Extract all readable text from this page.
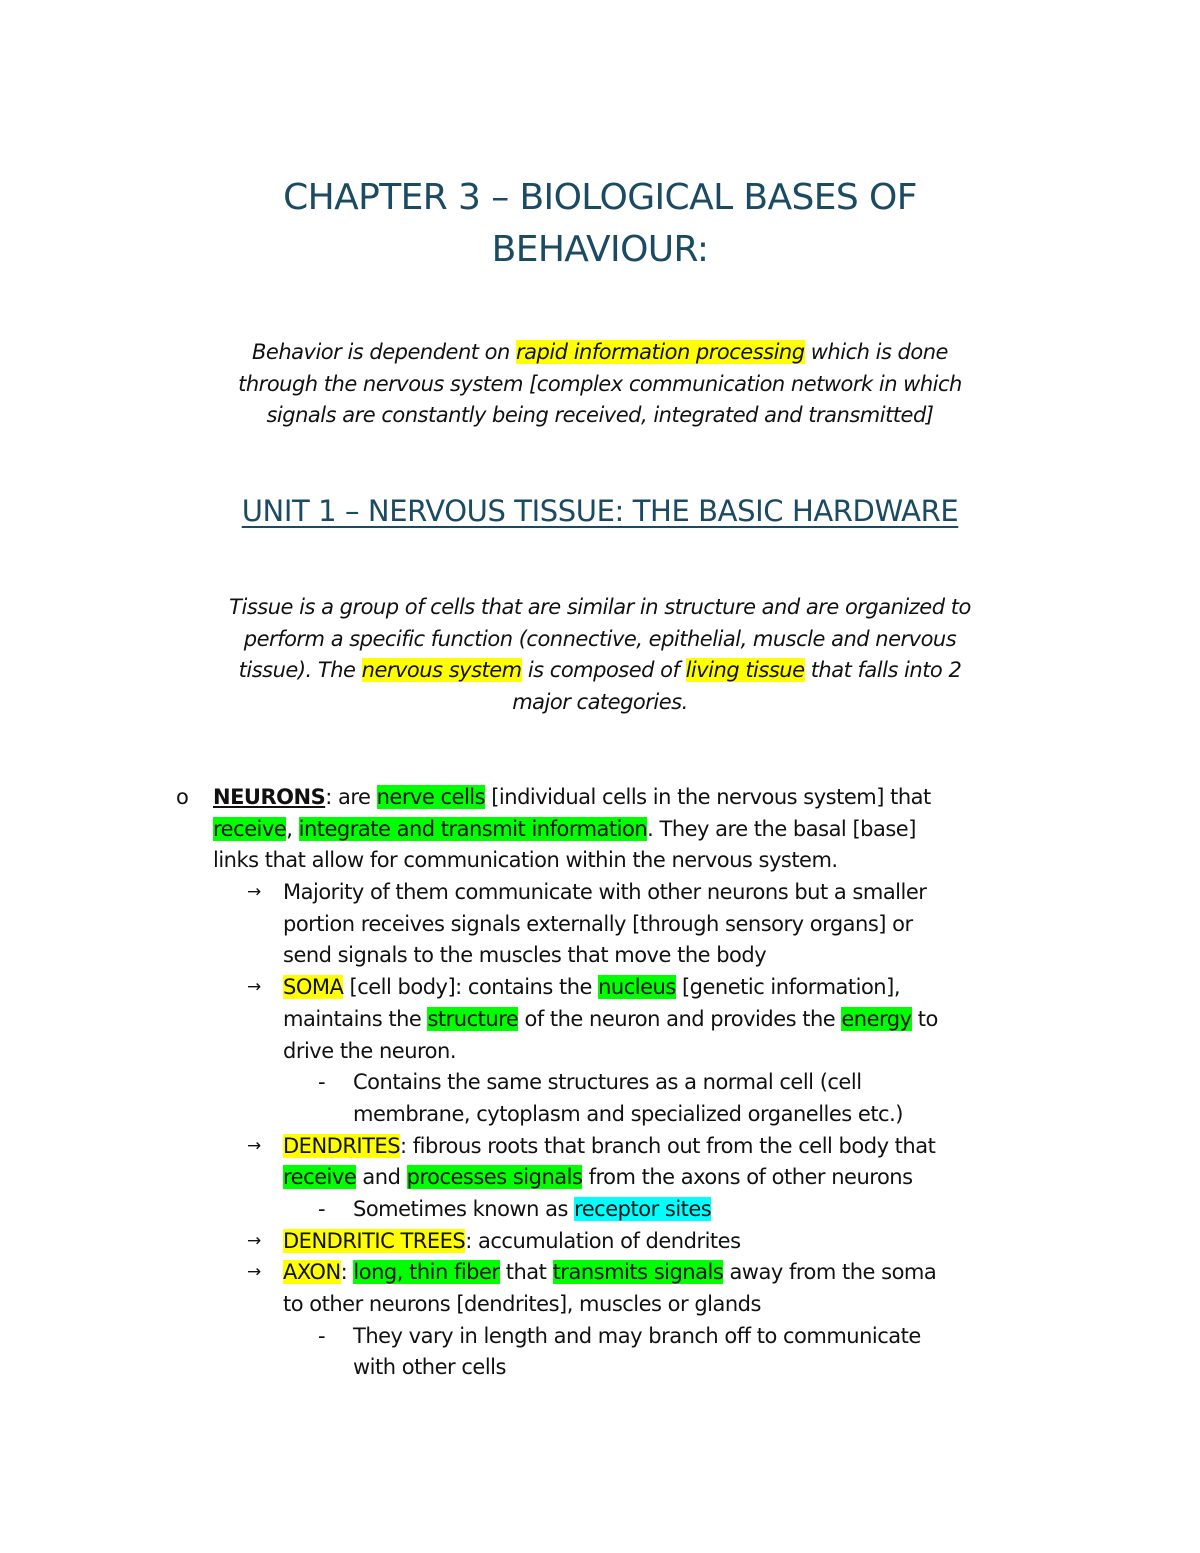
CHAPTER 3 – BIOLOGICAL BASES OF
BEHAVIOUR:
Behavior is dependent on rapid information processing which is done
through the nervous system [complex communication network in which
signals are constantly being received, integrated and transmitted]
UNIT 1 – NERVOUS TISSUE: THE BASIC HARDWARE
Tissue is a group of cells that are similar in structure and are organized to
perform a specific function (connective, epithelial, muscle and nervous
tissue). The nervous system is composed of living tissue that falls into 2
major categories.
o NEURONS: are nerve cells [individual cells in the nervous system] that
receive, integrate and transmit information. They are the basal [base]
links that allow for communication within the nervous system.
→ Majority of them communicate with other neurons but a smaller
portion receives signals externally [through sensory organs] or
send signals to the muscles that move the body
→ SOMA [cell body]: contains the nucleus [genetic information],
maintains the structure of the neuron and provides the energy to
drive the neuron.
- Contains the same structures as a normal cell (cell
membrane, cytoplasm and specialized organelles etc.)
→ DENDRITES: fibrous roots that branch out from the cell body that
receive and processes signals from the axons of other neurons
- Sometimes known as receptor sites
→ DENDRITIC TREES: accumulation of dendrites
→ AXON: long, thin fiber that transmits signals away from the soma
to other neurons [dendrites], muscles or glands
- They vary in length and may branch off to communicate
with other cells
